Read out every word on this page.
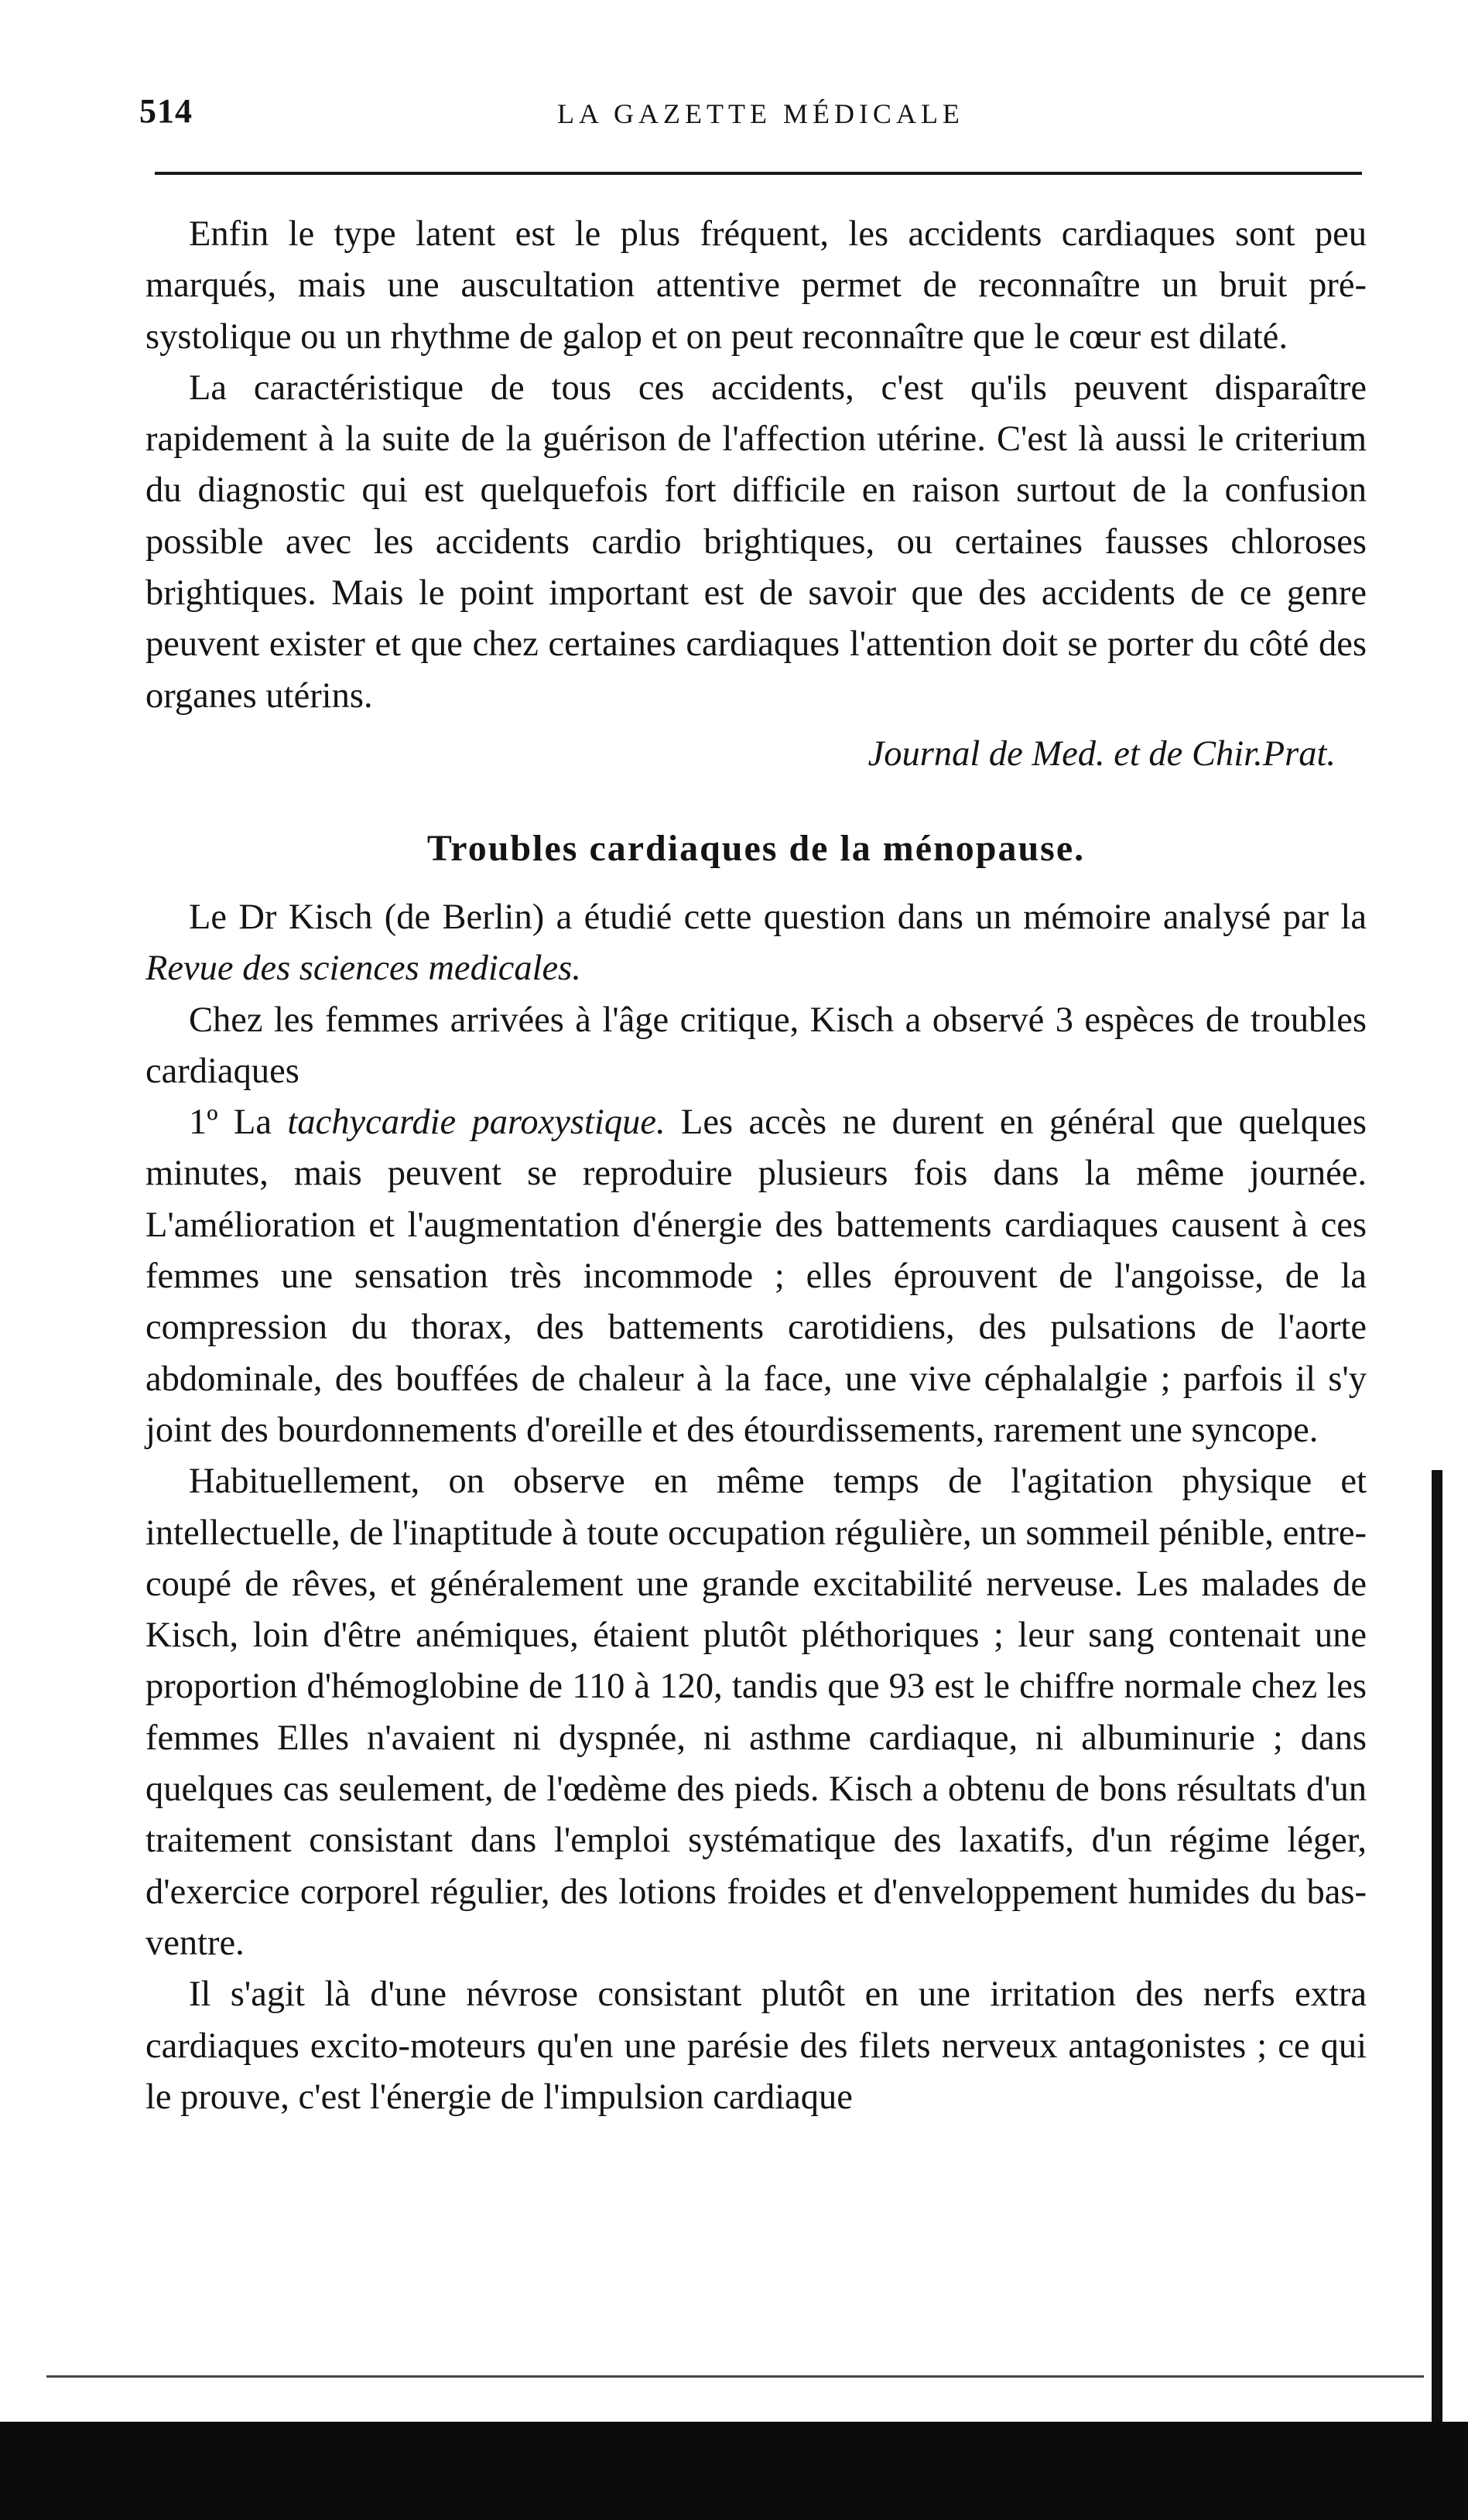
514	LA GAZETTE MÉDICALE

Enfin le type latent est le plus fréquent, les accidents cardiaques sont peu marqués, mais une auscultation attentive permet de reconnaître un bruit pré-systolique ou un rhythme de galop et on peut reconnaître que le cœur est dilaté.

La caractéristique de tous ces accidents, c'est qu'ils peuvent disparaître rapidement à la suite de la guérison de l'affection utérine. C'est là aussi le criterium du diagnostic qui est quelquefois fort difficile en raison surtout de la confusion possible avec les accidents cardio brightiques, ou certaines fausses chloroses brightiques. Mais le point important est de savoir que des accidents de ce genre peuvent exister et que chez certaines cardiaques l'attention doit se porter du côté des organes utérins.

Journal de Med. et de Chir.Prat.
Troubles cardiaques de la ménopause.

Le Dr Kisch (de Berlin) a étudié cette question dans un mémoire analysé par la Revue des sciences medicales.

Chez les femmes arrivées à l'âge critique, Kisch a observé 3 espèces de troubles cardiaques

1º La tachycardie paroxystique. Les accès ne durent en général que quelques minutes, mais peuvent se reproduire plusieurs fois dans la même journée. L'amélioration et l'augmentation d'énergie des battements cardiaques causent à ces femmes une sensation très incommode ; elles éprouvent de l'angoisse, de la compression du thorax, des battements carotidiens, des pulsations de l'aorte abdominale, des bouffées de chaleur à la face, une vive céphalalgie ; parfois il s'y joint des bourdonnements d'oreille et des étourdissements, rarement une syncope.

Habituellement, on observe en même temps de l'agitation physique et intellectuelle, de l'inaptitude à toute occupation régulière, un sommeil pénible, entre-coupé de rêves, et généralement une grande excitabilité nerveuse. Les malades de Kisch, loin d'être anémiques, étaient plutôt pléthoriques ; leur sang contenait une proportion d'hémoglobine de 110 à 120, tandis que 93 est le chiffre normale chez les femmes Elles n'avaient ni dyspnée, ni asthme cardiaque, ni albuminurie ; dans quelques cas seulement, de l'œdème des pieds. Kisch a obtenu de bons résultats d'un traitement consistant dans l'emploi systématique des laxatifs, d'un régime léger, d'exercice corporel régulier, des lotions froides et d'enveloppement humides du bas-ventre.

Il s'agit là d'une névrose consistant plutôt en une irritation des nerfs extra cardiaques excito-moteurs qu'en une parésie des filets nerveux antagonistes ; ce qui le prouve, c'est l'énergie de l'impulsion cardiaque
